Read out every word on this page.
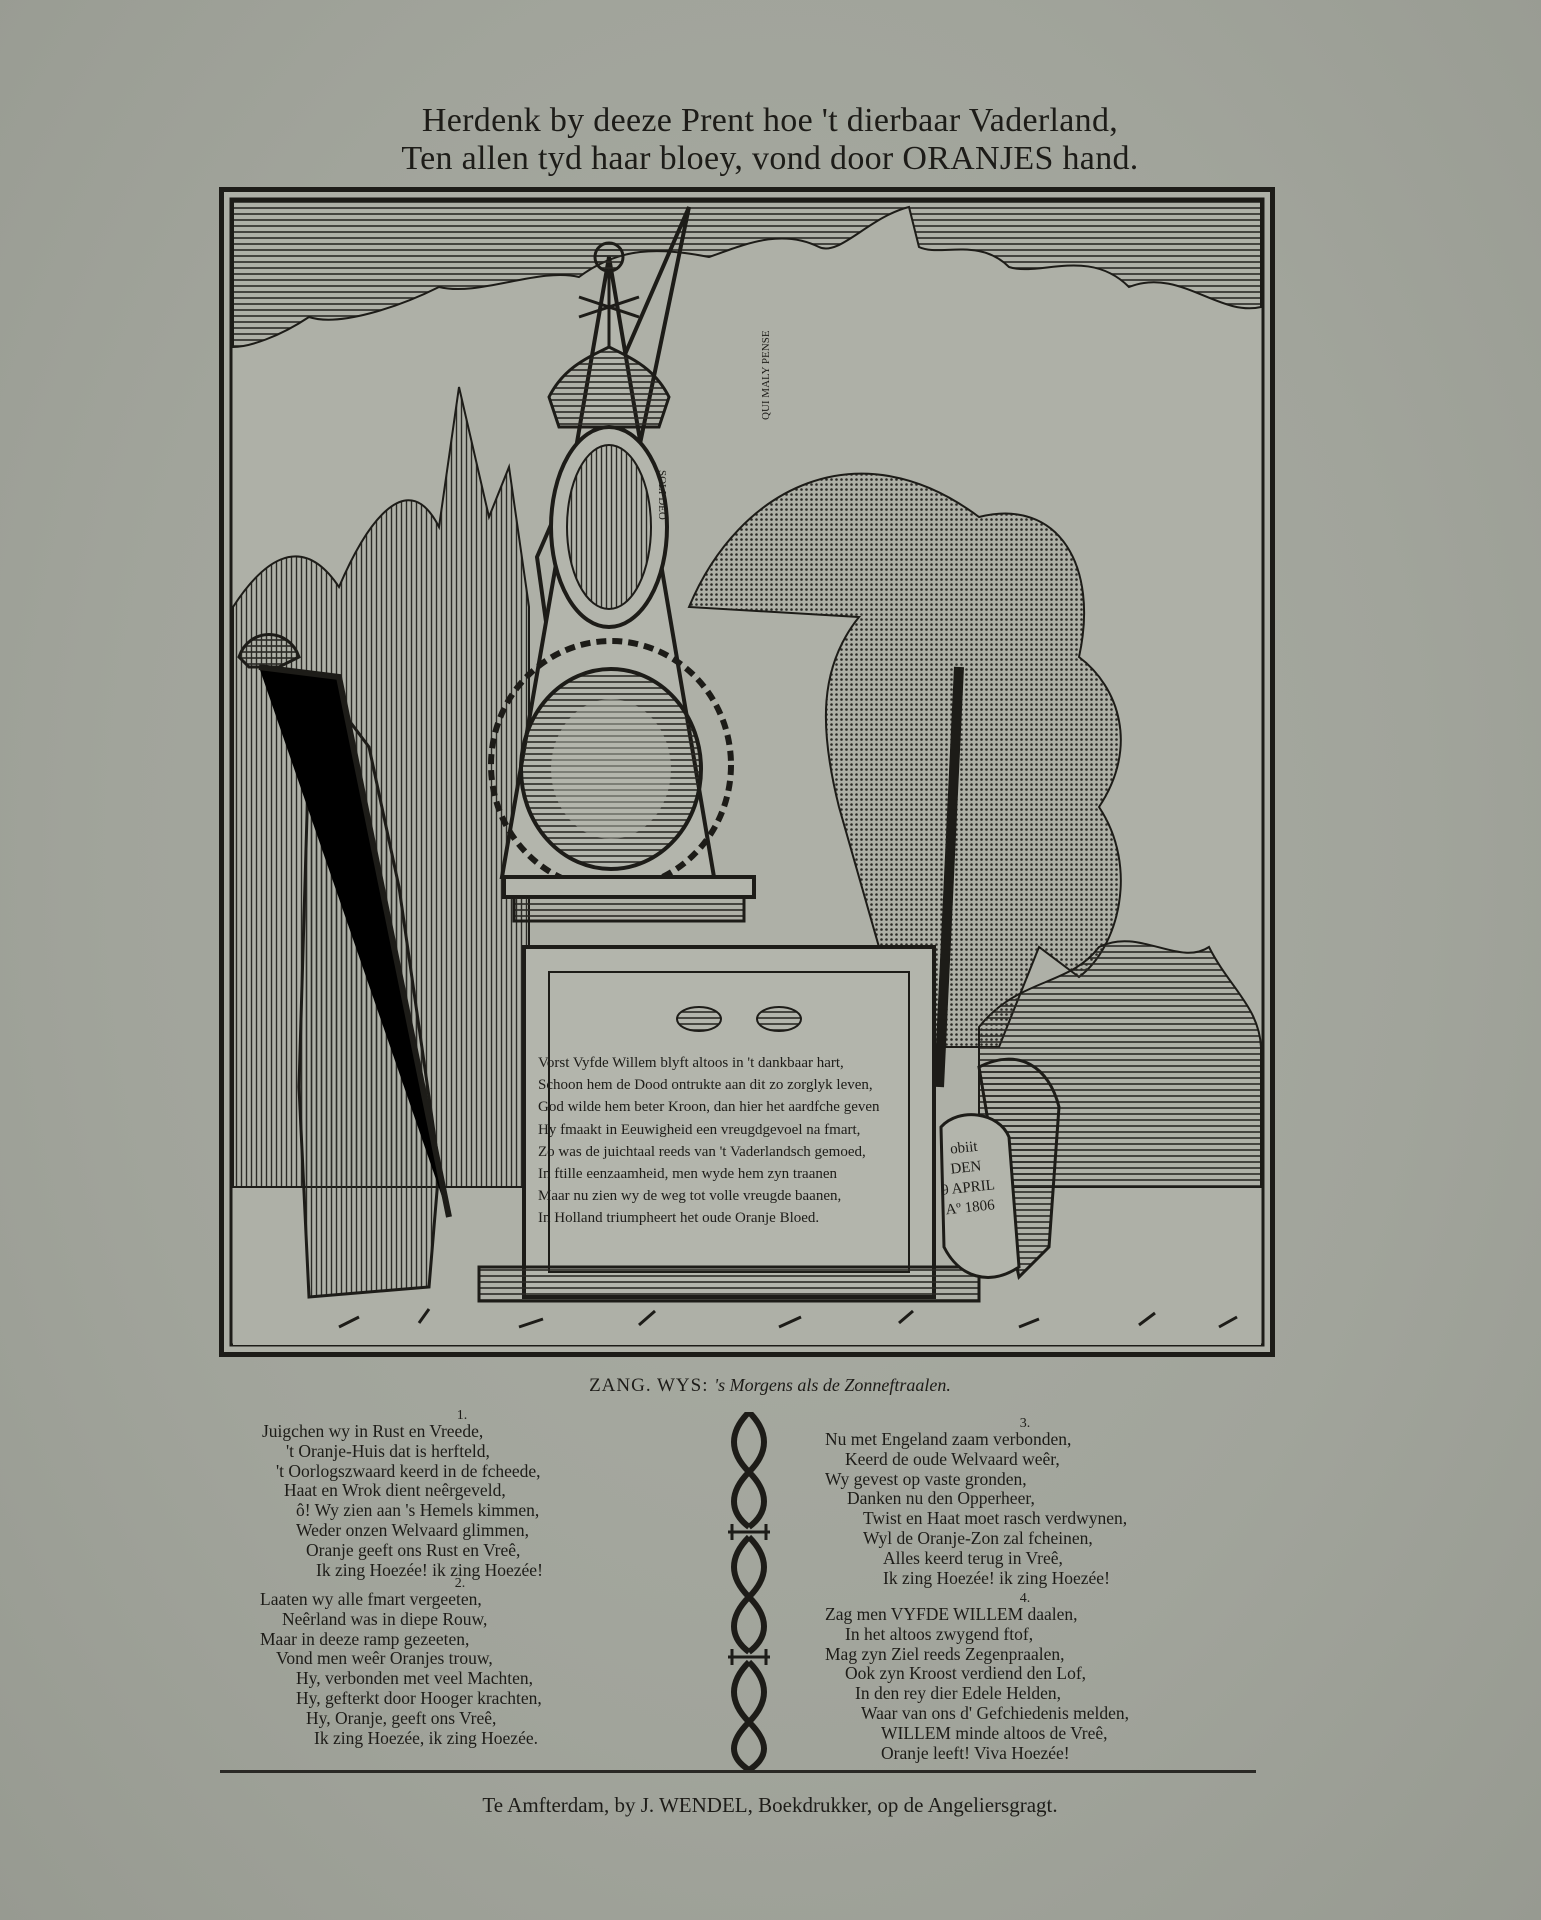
Herdenk by deeze Prent hoe 't dierbaar Vaderland,
Ten allen tyd haar bloey, vond door ORANJES hand.
SOLI DEO
QUI MALY PENSE
Vorst Vyfde Willem blyft altoos in 't dankbaar hart,
Schoon hem de Dood ontrukte aan dit zo zorglyk leven,
God wilde hem beter Kroon, dan hier het aardfche geven
Hy fmaakt in Eeuwigheid een vreugdgevoel na fmart,
Zo was de juichtaal reeds van 't Vaderlandsch gemoed,
In ftille eenzaamheid, men wyde hem zyn traanen
Maar nu zien wy de weg tot volle vreugde baanen,
In Holland triumpheert het oude Oranje Bloed.
obiit
DEN
9 APRIL
Aº 1806
ZANG. WYS: 's Morgens als de Zonneftraalen.
1.
Juigchen wy in Rust en Vreede,
't Oranje-Huis dat is herfteld,
't Oorlogszwaard keerd in de fcheede,
Haat en Wrok dient neêrgeveld,
ô! Wy zien aan 's Hemels kimmen,
Weder onzen Welvaard glimmen,
Oranje geeft ons Rust en Vreê,
Ik zing Hoezée! ik zing Hoezée!
2.
Laaten wy alle fmart vergeeten,
Neêrland was in diepe Rouw,
Maar in deeze ramp gezeeten,
Vond men weêr Oranjes trouw,
Hy, verbonden met veel Machten,
Hy, gefterkt door Hooger krachten,
Hy, Oranje, geeft ons Vreê,
Ik zing Hoezée, ik zing Hoezée.
3.
Nu met Engeland zaam verbonden,
Keerd de oude Welvaard weêr,
Wy gevest op vaste gronden,
Danken nu den Opperheer,
Twist en Haat moet rasch verdwynen,
Wyl de Oranje-Zon zal fcheinen,
Alles keerd terug in Vreê,
Ik zing Hoezée! ik zing Hoezée!
4.
Zag men VYFDE WILLEM daalen,
In het altoos zwygend ftof,
Mag zyn Ziel reeds Zegenpraalen,
Ook zyn Kroost verdiend den Lof,
In den rey dier Edele Helden,
Waar van ons d' Gefchiedenis melden,
WILLEM minde altoos de Vreê,
Oranje leeft! Viva Hoezée!
Te Amfterdam, by J. WENDEL, Boekdrukker, op de Angeliersgragt.
